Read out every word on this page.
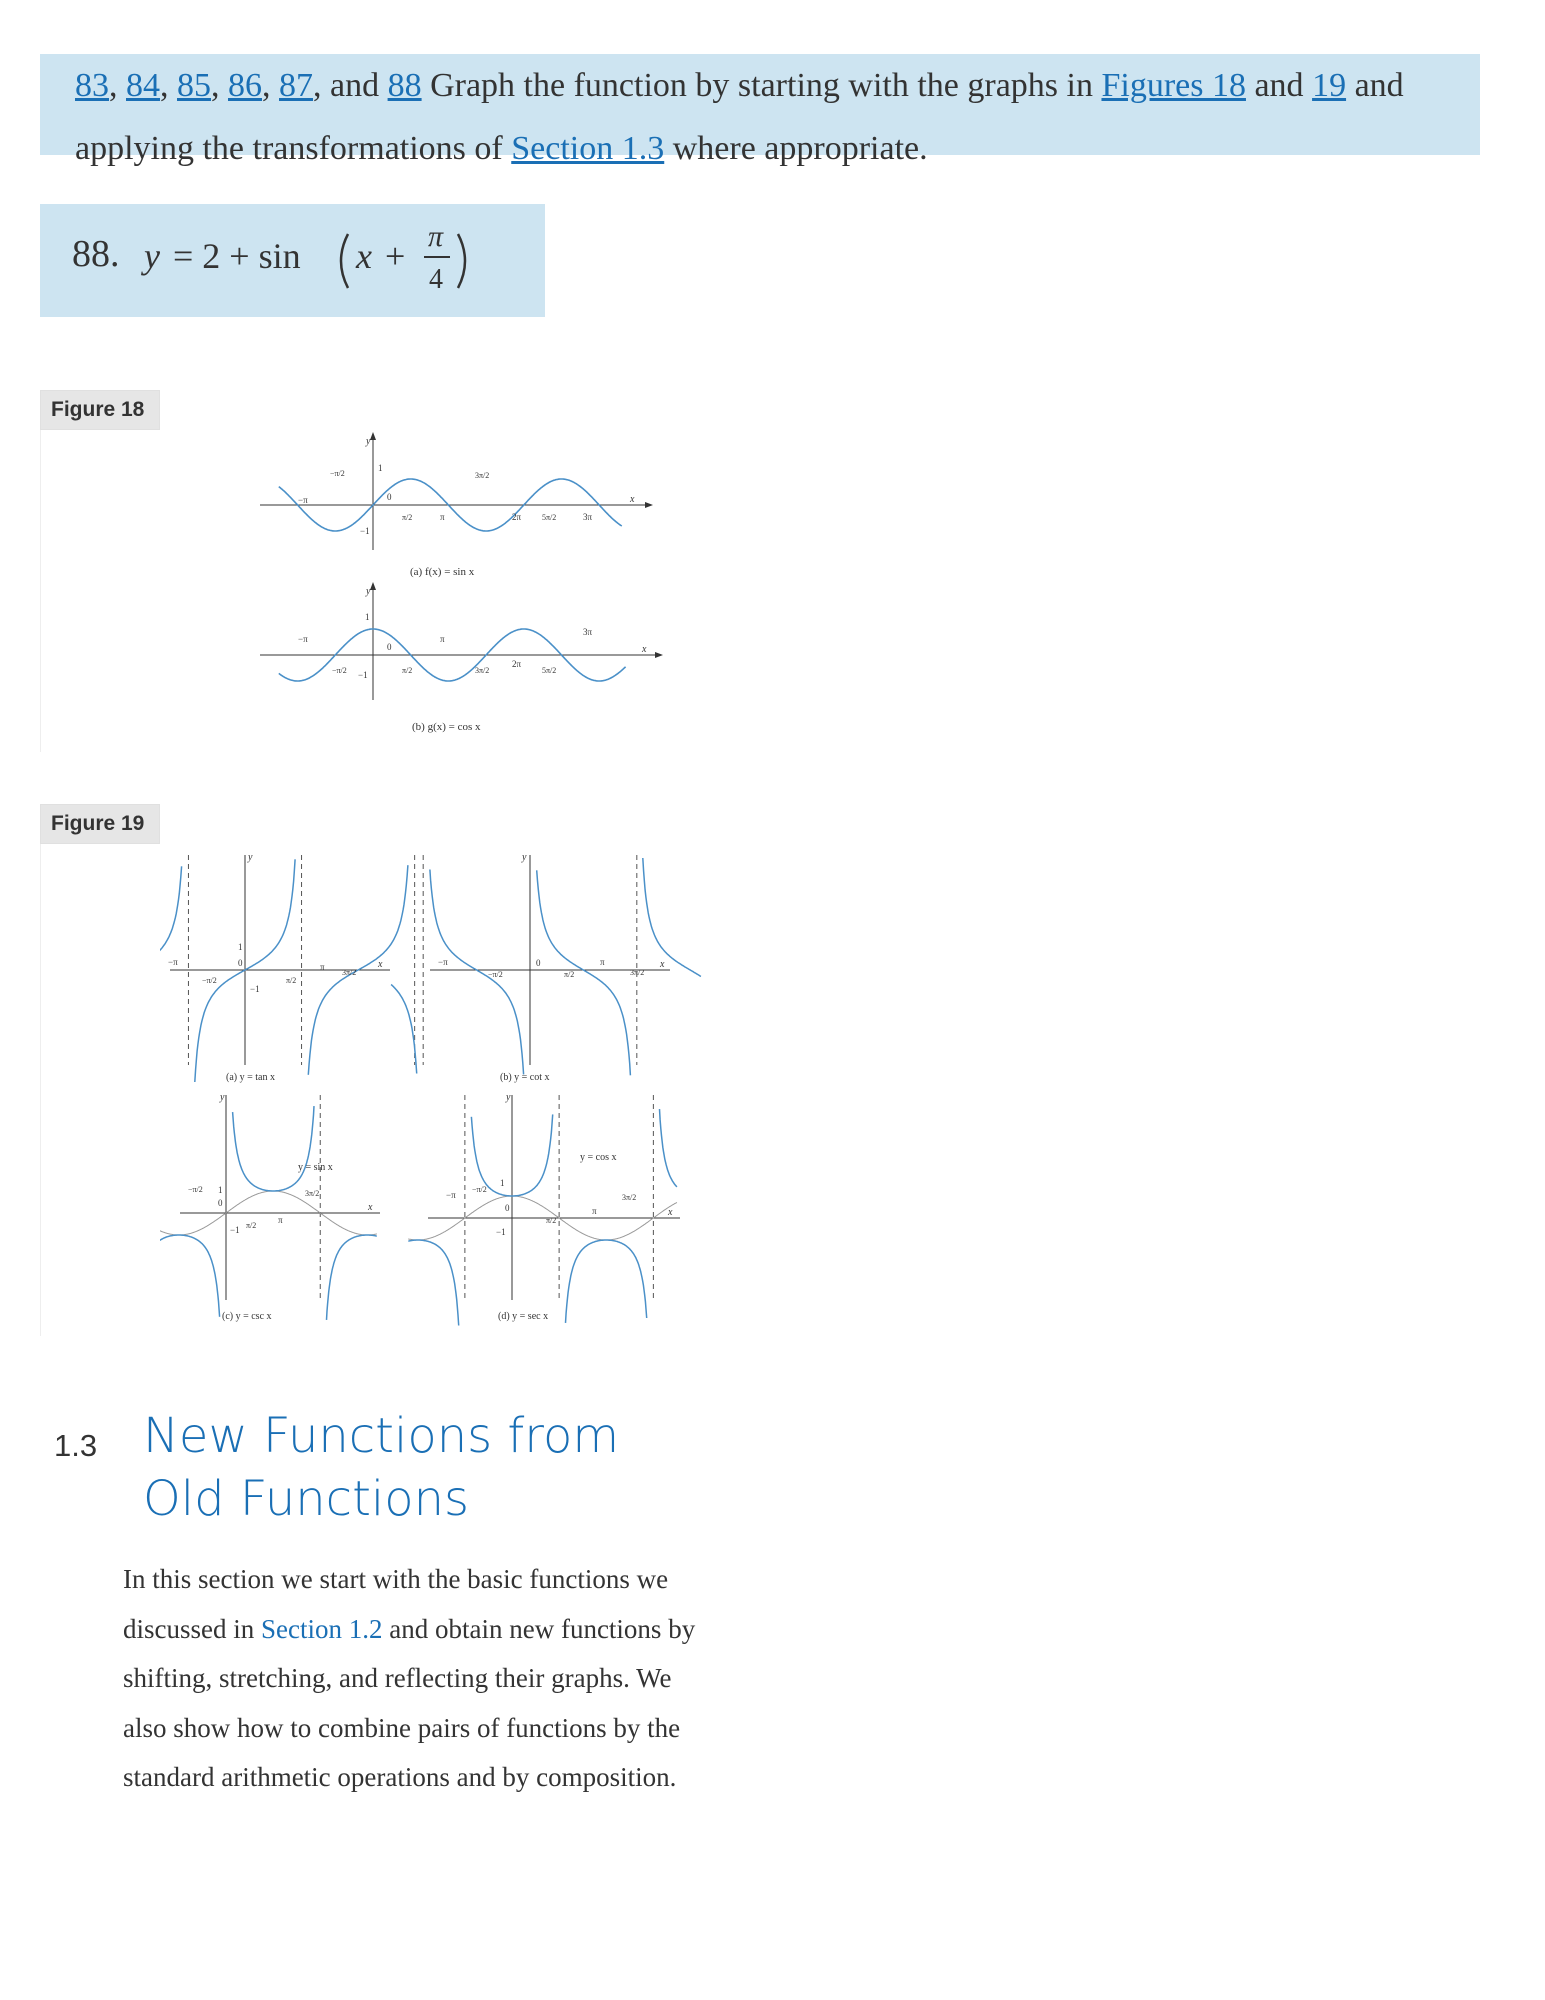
83, 84, 85, 86, 87, and 88 Graph the function by starting with the graphs in Figures 18 and 19 and
applying the transformations of Section 1.3 where appropriate.
88. y = 2 + sin x + π
4
Figure 18
y
x
1
−1
−π
−π/2
0
π/2	π
3π/2
2π	5π/2	3π
(a) f(x) = sin x
y
x
1
−1
−π
−π/2
0
π/2
π
3π/2
2π
5π/2
3π
(b) g(x) = cos x
Figure 19
y
x
−π
−π/2
0
π/2
π
3π/2
1
−1
(a) y = tan x
y
x
−π
−π/2
0
π/2
π
3π/2
(b) y = cot x
y
x
−π/2
0
π/2
π
3π/2
1
−1
y = sin x
(c) y = csc x
y
x
−π
−π/2
0
π/2
π
3π/2
1
−1
y = cos x
(d) y = sec x
1.3 New Functions from
Old Functions
In this section we start with the basic functions we
discussed in Section 1.2 and obtain new functions by
shifting, stretching, and reflecting their graphs. We
also show how to combine pairs of functions by the
standard arithmetic operations and by composition.
